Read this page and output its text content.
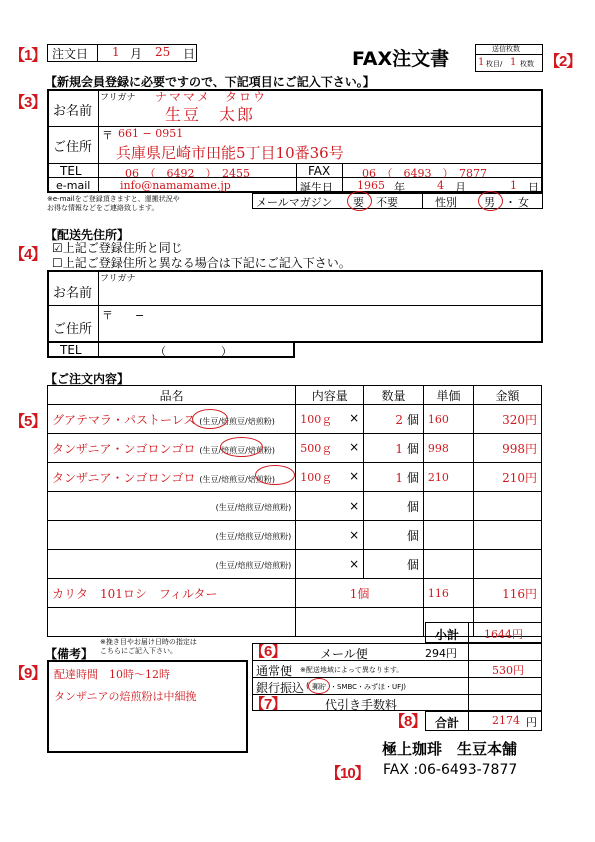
【1】	【2】
【3】
【4】
【5】
【6】
【7】
【8】
【9】
【10】
注文日 1 月 25 日	FAX注文書	送信枚数
1 枚目/ 1 枚数
【新規会員登録に必要ですので、下記項目にご記入下さい。】
フリガナ ナママメ　タロウ
お名前	生豆　太郎
ご住所
〒 661 − 0951
兵庫県尼崎市田能5丁目10番36号
TEL	06　（　6492　）　2455	FAX	06　（　6493　）　7877
e-mail	info@namamame.jp	誕生日 1965 年	4 月	1 日
※e-mailをご登録頂きますと、運搬状況や
お得な情報などをご連絡致します。	メールマガジン 要 不要	性別 男 ・ 女
【配送先住所】
☑上記ご登録住所と同じ
☐上記ご登録住所と異なる場合は下記にご記入下さい。
フリガナ
お名前
ご住所
〒　　−
TEL	（　　　　　）
【ご注文内容】
品名	内容量	数量	単価	金額
グアテマラ・パストーレス (生豆/焙煎豆/焙煎粉)	100ｇ ×	2 個	160	320円
タンザニア・ンゴロンゴロ (生豆/焙煎豆/焙煎粉)	500ｇ ×	1 個	998	998円
タンザニア・ンゴロンゴロ (生豆/焙煎豆/焙煎粉)	100ｇ ×	1 個	210	210円
(生豆/焙煎豆/焙煎粉)	×	個		
(生豆/焙煎豆/焙煎粉)	×	個		
(生豆/焙煎豆/焙煎粉)	×	個		
カリタ　101ロシ　フィルター	1個		116	116円

小計 1644円
メール便	294円
通常便 ※配送地域によって異なります。	530円
銀行振込 ( 郵貯 ・SMBC・みずほ・UFJ)
代引き手数料
合計	2174 円
【備考】
※挽き目やお届け日時の指定は
こちらにご記入下さい。
配達時間　10時〜12時
タンザニアの焙煎粉は中細挽
極上珈琲　生豆本舗
FAX :06-6493-7877
